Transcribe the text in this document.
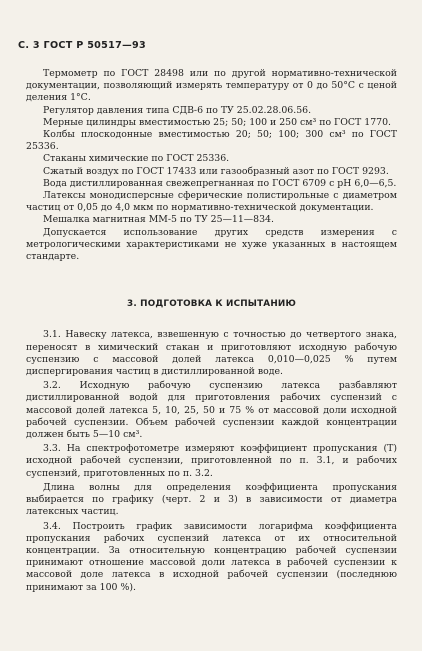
С. 3 ГОСТ Р 50517—93

Термометр по ГОСТ 28498 или по другой нормативно-технической документации, позволяющий измерять температуру от 0 до 50°С с ценой деления 1°С.

Регулятор давления типа СДВ-6 по ТУ 25.02.28.06.56.

Мерные цилиндры вместимостью 25; 50; 100 и 250 см³ по ГОСТ 1770.

Колбы плоскодонные вместимостью 20; 50; 100; 300 см³ по ГОСТ 25336.

Стаканы химические по ГОСТ 25336.

Сжатый воздух по ГОСТ 17433 или газообразный азот по ГОСТ 9293.

Вода дистиллированная свежепрегнанная по ГОСТ 6709 с рН 6,0—6,5.

Латексы монодисперсные сферические полистирольные с диаметром частиц от 0,05 до 4,0 мкм по нормативно-технической документации.

Мешалка магнитная ММ-5 по ТУ 25—11—834.

Допускается использование других средств измерения с метрологическими характеристиками не хуже указанных в настоящем стандарте.

3. ПОДГОТОВКА К ИСПЫТАНИЮ

3.1. Навеску латекса, взвешенную с точностью до четвертого знака, переносят в химический стакан и приготовляют исходную рабочую суспензию с массовой долей латекса 0,010—0,025 % путем диспергирования частиц в дистиллированной воде.

3.2. Исходную рабочую суспензию латекса разбавляют дистиллированной водой для приготовления рабочих суспензий с массовой долей латекса 5, 10, 25, 50 и 75 % от массовой доли исходной рабочей суспензии. Объем рабочей суспензии каждой концентрации должен быть 5—10 см³.

3.3. На спектрофотометре измеряют коэффициент пропускания (T) исходной рабочей суспензии, приготовленной по п. 3.1, и рабочих суспензий, приготовленных по п. 3.2.

Длина волны для определения коэффициента пропускания выбирается по графику (черт. 2 и 3) в зависимости от диаметра латексных частиц.

3.4. Построить график зависимости логарифма коэффициента пропускания рабочих суспензий латекса от их относительной концентрации. За относительную концентрацию рабочей суспензии принимают отношение массовой доли латекса в рабочей суспензии к массовой доле латекса в исходной рабочей суспензии (последнюю принимают за 100 %).
